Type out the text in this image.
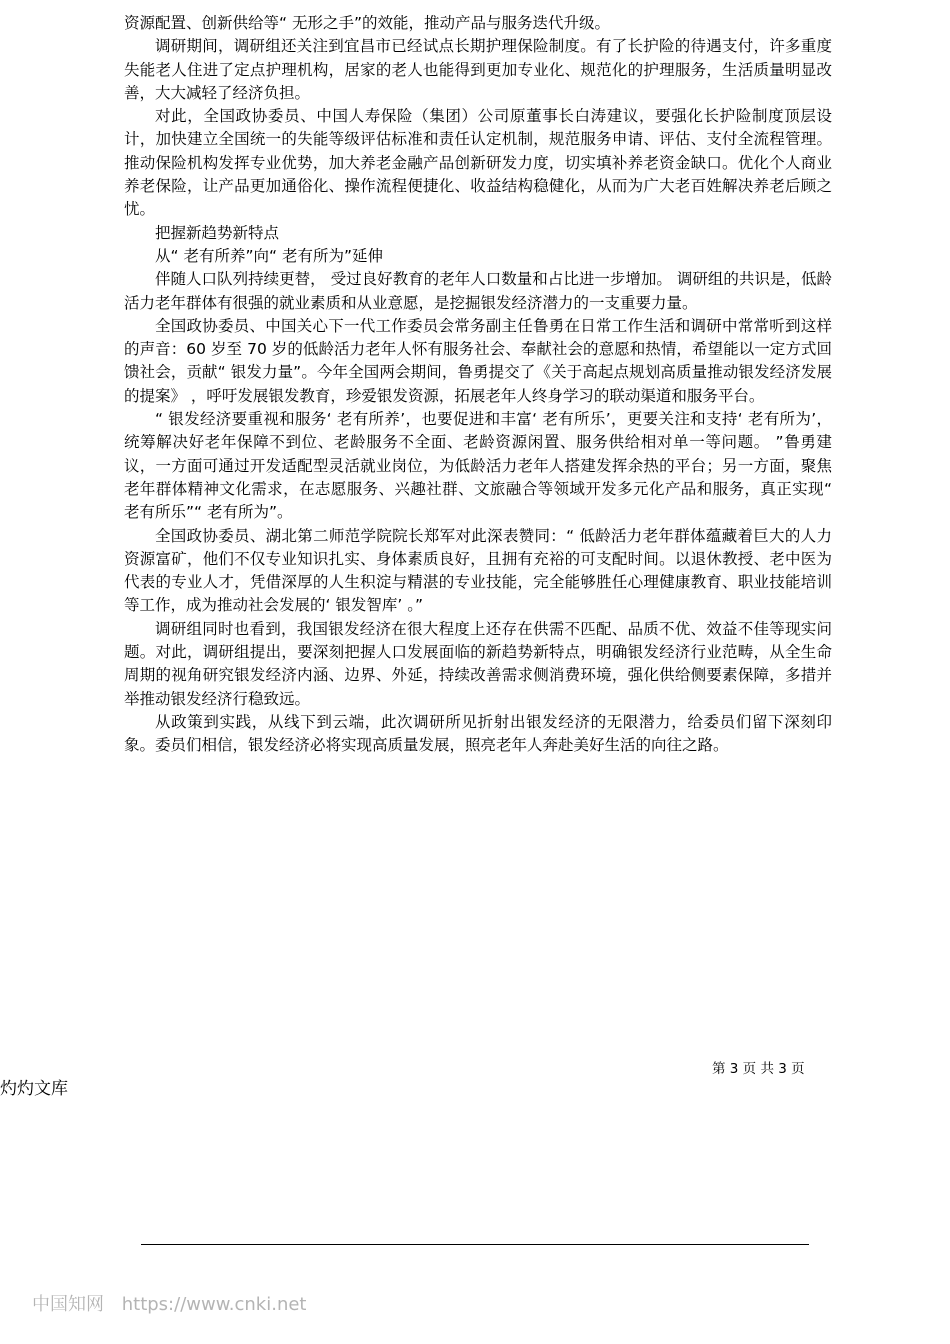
资源配置、创新供给等“ 无形之手”的效能，推动产品与服务迭代升级。

调研期间，调研组还关注到宜昌市已经试点长期护理保险制度。有了长护险的待遇支付，许多重度失能老人住进了定点护理机构，居家的老人也能得到更加专业化、规范化的护理服务，生活质量明显改善，大大减轻了经济负担。

对此，全国政协委员、中国人寿保险（集团）公司原董事长白涛建议，要强化长护险制度顶层设计，加快建立全国统一的失能等级评估标准和责任认定机制，规范服务申请、评估、支付全流程管理。推动保险机构发挥专业优势，加大养老金融产品创新研发力度，切实填补养老资金缺口。优化个人商业养老保险，让产品更加通俗化、操作流程便捷化、收益结构稳健化，从而为广大老百姓解决养老后顾之忧。

把握新趋势新特点

从“ 老有所养”向“ 老有所为”延伸

伴随人口队列持续更替， 受过良好教育的老年人口数量和占比进一步增加。 调研组的共识是，低龄活力老年群体有很强的就业素质和从业意愿，是挖掘银发经济潜力的一支重要力量。

全国政协委员、中国关心下一代工作委员会常务副主任鲁勇在日常工作生活和调研中常常听到这样的声音：60 岁至 70 岁的低龄活力老年人怀有服务社会、奉献社会的意愿和热情，希望能以一定方式回馈社会，贡献“ 银发力量”。今年全国两会期间，鲁勇提交了《关于高起点规划高质量推动银发经济发展的提案》 ，呼吁发展银发教育，珍爱银发资源，拓展老年人终身学习的联动渠道和服务平台。

“ 银发经济要重视和服务‘ 老有所养’，也要促进和丰富‘ 老有所乐’，更要关注和支持‘ 老有所为’，统筹解决好老年保障不到位、老龄服务不全面、老龄资源闲置、服务供给相对单一等问题。 ”鲁勇建议，一方面可通过开发适配型灵活就业岗位，为低龄活力老年人搭建发挥余热的平台；另一方面，聚焦老年群体精神文化需求，在志愿服务、兴趣社群、文旅融合等领域开发多元化产品和服务，真正实现“ 老有所乐”“ 老有所为”。

全国政协委员、湖北第二师范学院院长郑军对此深表赞同：“ 低龄活力老年群体蕴藏着巨大的人力资源富矿，他们不仅专业知识扎实、身体素质良好，且拥有充裕的可支配时间。以退休教授、老中医为代表的专业人才，凭借深厚的人生积淀与精湛的专业技能，完全能够胜任心理健康教育、职业技能培训等工作，成为推动社会发展的‘ 银发智库’ 。”

调研组同时也看到，我国银发经济在很大程度上还存在供需不匹配、品质不优、效益不佳等现实问题。对此，调研组提出，要深刻把握人口发展面临的新趋势新特点，明确银发经济行业范畴，从全生命周期的视角研究银发经济内涵、边界、外延，持续改善需求侧消费环境，强化供给侧要素保障，多措并举推动银发经济行稳致远。

从政策到实践，从线下到云端，此次调研所见折射出银发经济的无限潜力，给委员们留下深刻印象。委员们相信，银发经济必将实现高质量发展，照亮老年人奔赴美好生活的向往之路。

第 3 页 共 3 页
灼灼文库
中国知网 https://www.cnki.net
